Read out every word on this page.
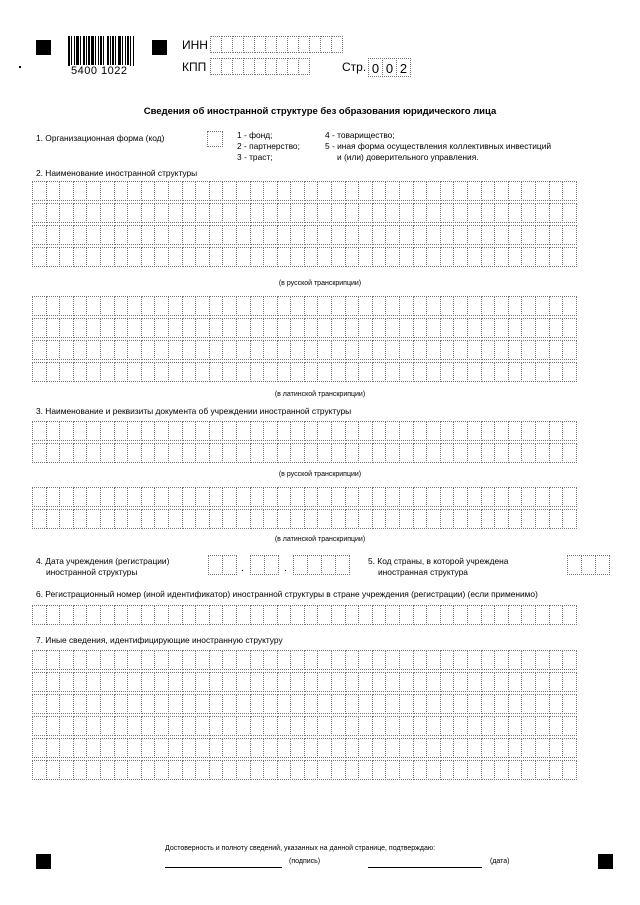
5400 1022
ИНН
КПП	Стр. 0 0 2
Сведения об иностранной структуре без образования юридического лица
1. Организационная форма (код)	1 - фонд;
2 - партнерство;
3 - траст;
4 - товарищество;
5 - иная форма осуществления коллективных инвестиций
и (или) доверительного управления.
2. Наименование иностранной структуры
(в русской транскрипции)
(в латинской транскрипции)
3. Наименование и реквизиты документа об учреждении иностранной структуры
(в русской транскрипции)
(в латинской транскрипции)
4. Дата учреждения (регистрации)
иностранной структуры	.	.
5. Код страны, в которой учреждена
иностранная структура
6. Регистрационный номер (иной идентификатор) иностранной структуры в стране учреждения (регистрации) (если применимо)
7. Иные сведения, идентифицирующие иностранную структуру
Достоверность и полноту сведений, указанных на данной странице, подтверждаю:
(подпись)	(дата)
